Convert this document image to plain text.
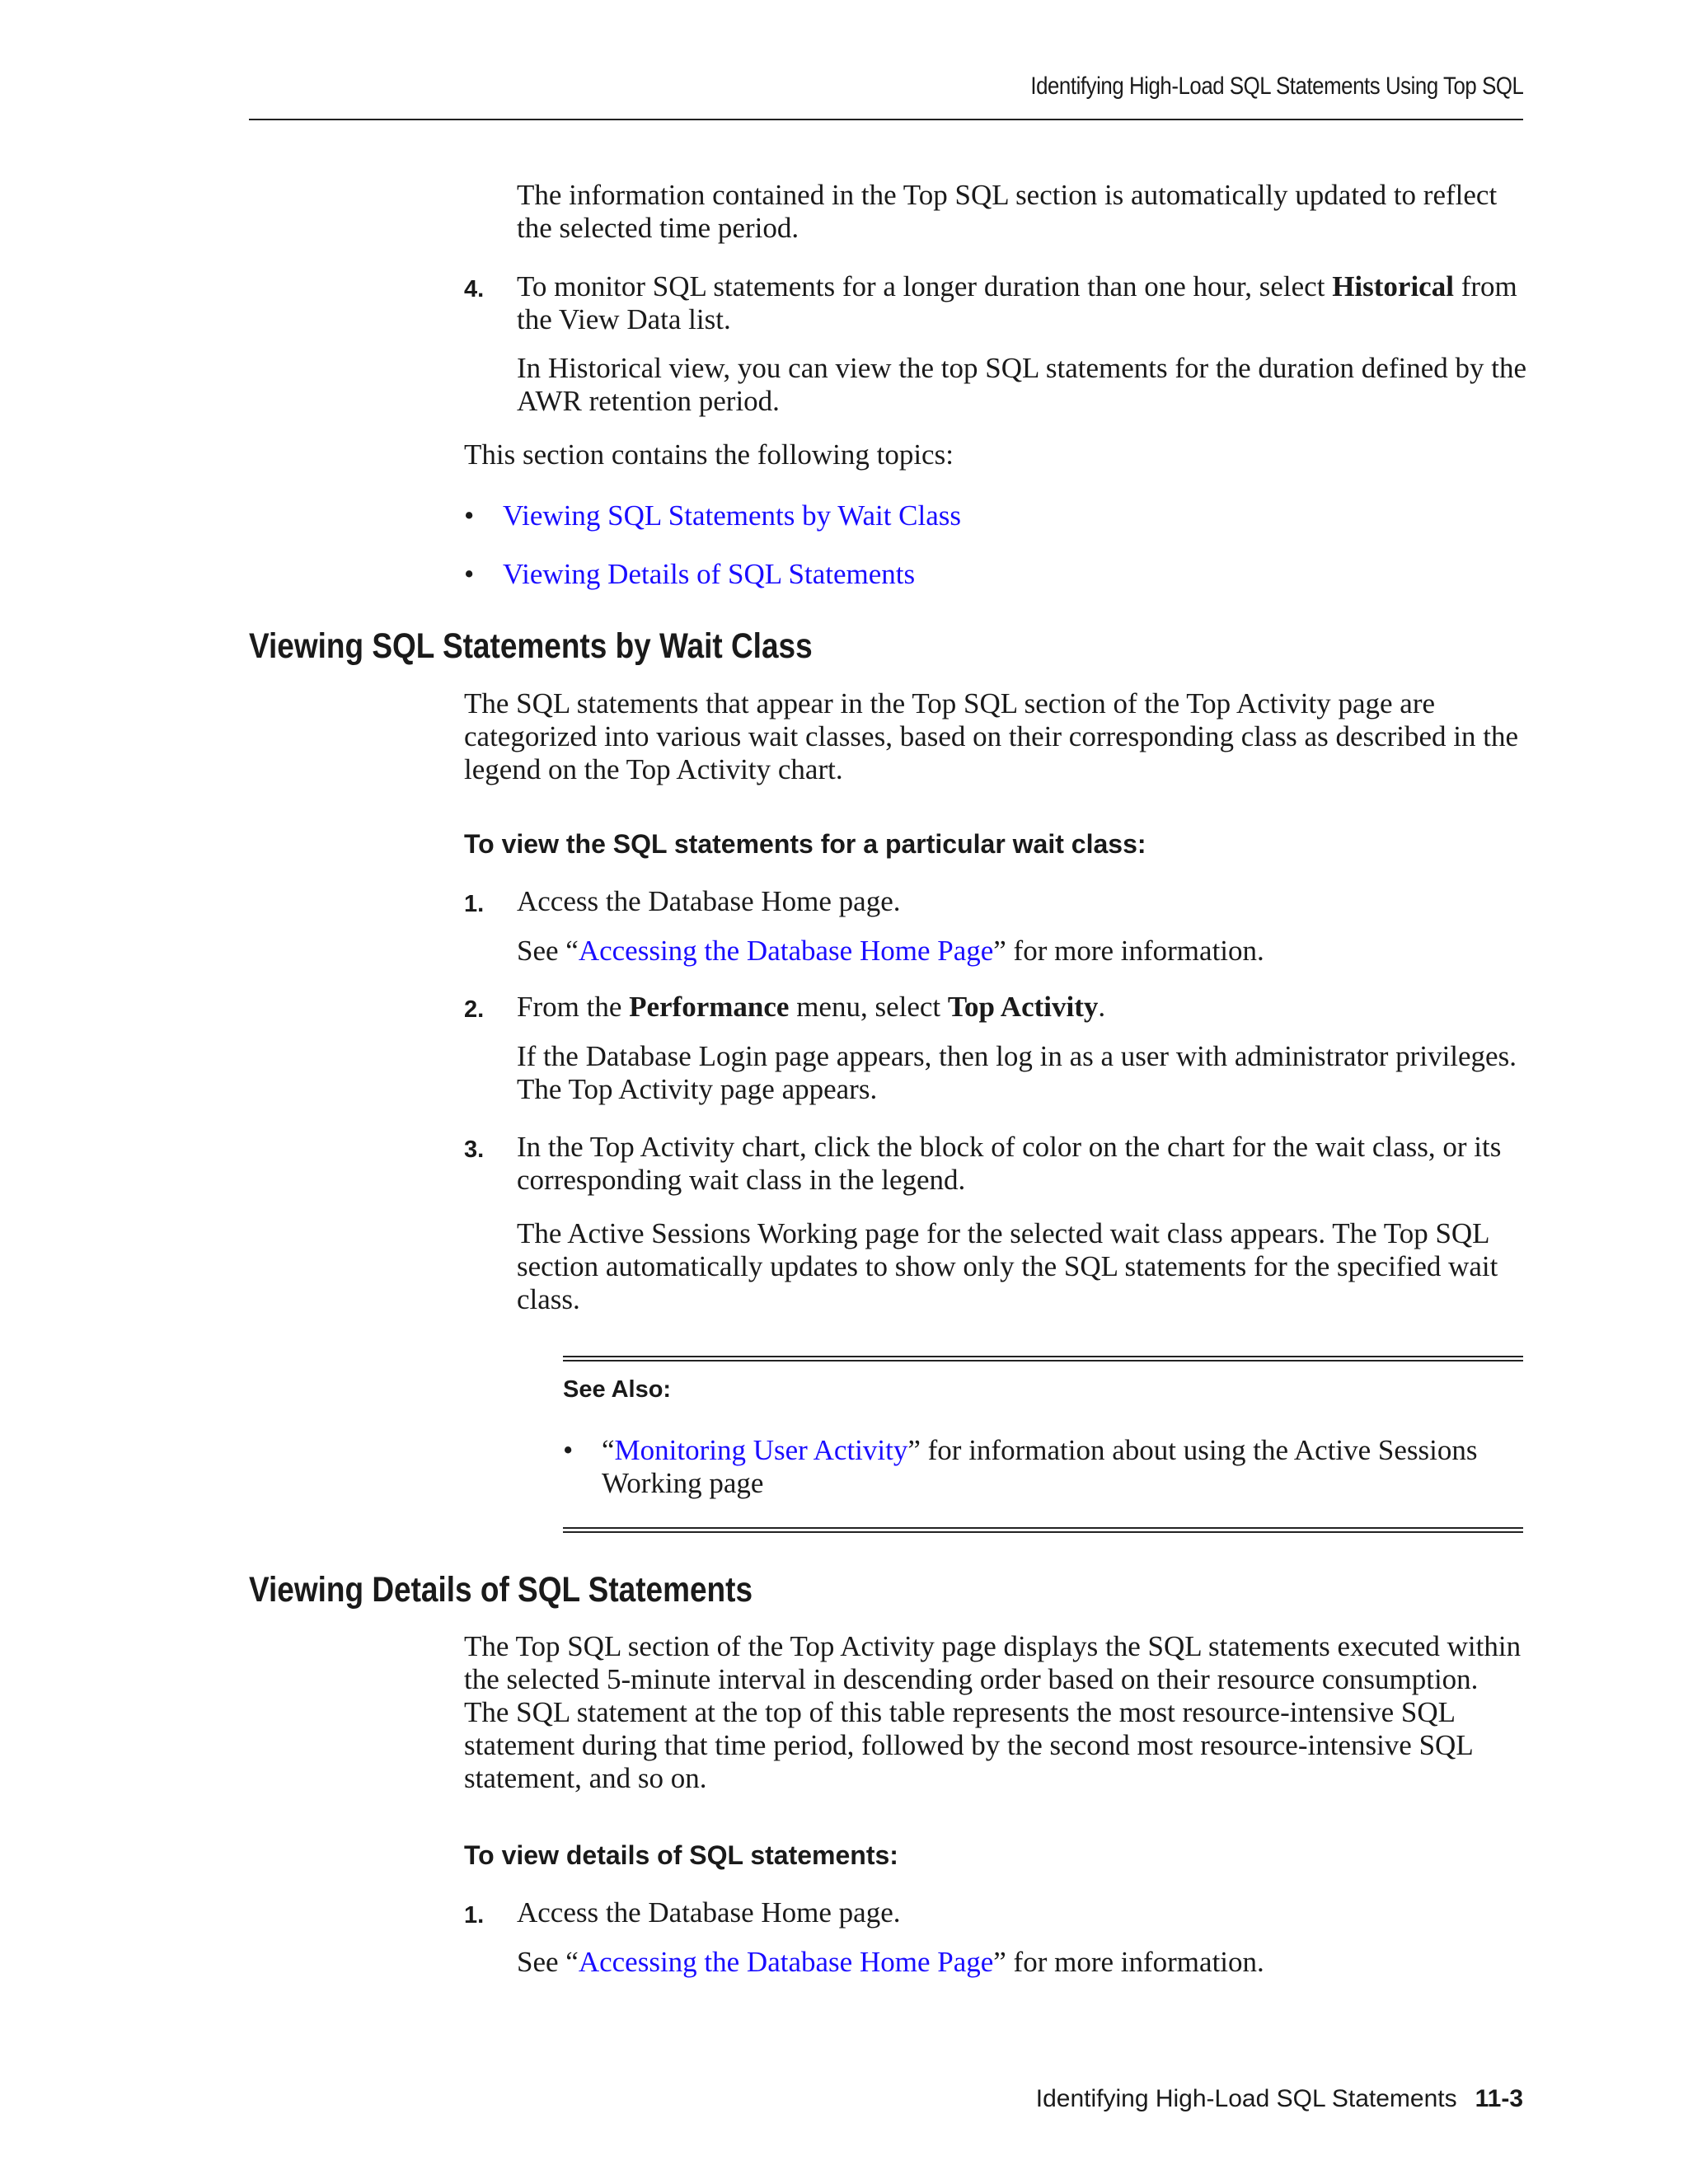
Identifying High-Load SQL Statements Using Top SQL
The information contained in the Top SQL section is automatically updated to reflect the selected time period.
4. To monitor SQL statements for a longer duration than one hour, select Historical from the View Data list.
In Historical view, you can view the top SQL statements for the duration defined by the AWR retention period.
This section contains the following topics:
• Viewing SQL Statements by Wait Class
• Viewing Details of SQL Statements
Viewing SQL Statements by Wait Class
The SQL statements that appear in the Top SQL section of the Top Activity page are categorized into various wait classes, based on their corresponding class as described in the legend on the Top Activity chart.
To view the SQL statements for a particular wait class:
1. Access the Database Home page.
See “Accessing the Database Home Page” for more information.
2. From the Performance menu, select Top Activity.
If the Database Login page appears, then log in as a user with administrator privileges. The Top Activity page appears.
3. In the Top Activity chart, click the block of color on the chart for the wait class, or its corresponding wait class in the legend.
The Active Sessions Working page for the selected wait class appears. The Top SQL section automatically updates to show only the SQL statements for the specified wait class.
See Also:
• “Monitoring User Activity” for information about using the Active Sessions Working page
Viewing Details of SQL Statements
The Top SQL section of the Top Activity page displays the SQL statements executed within the selected 5-minute interval in descending order based on their resource consumption. The SQL statement at the top of this table represents the most resource-intensive SQL statement during that time period, followed by the second most resource-intensive SQL statement, and so on.
To view details of SQL statements:
1. Access the Database Home page.
See “Accessing the Database Home Page” for more information.
Identifying High-Load SQL Statements 11-3
